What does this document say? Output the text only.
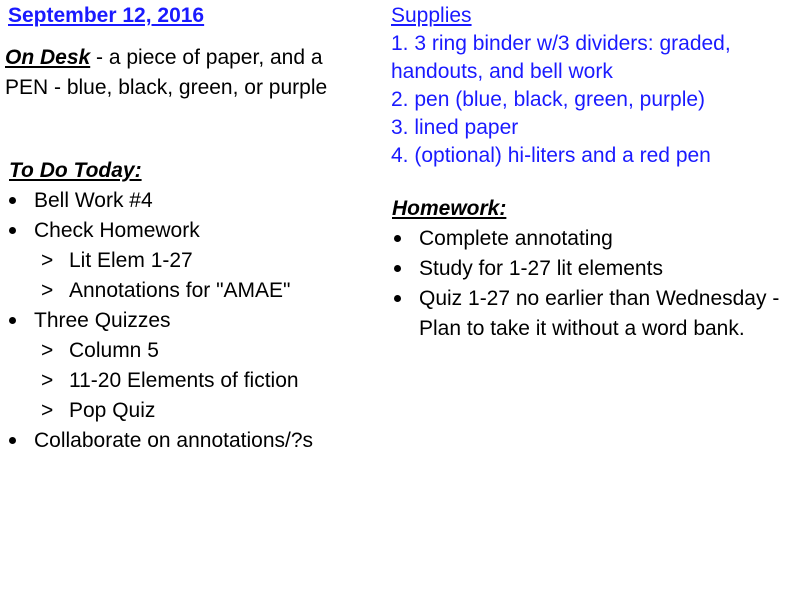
September 12, 2016
On Desk - a piece of paper, and a PEN - blue, black, green, or purple
To Do Today:
Bell Work #4
Check Homework
> Lit Elem 1-27
> Annotations for "AMAE"
Three Quizzes
> Column 5
> 11-20 Elements of fiction
> Pop Quiz
Collaborate on annotations/?s
Supplies
1. 3 ring binder w/3 dividers: graded,
handouts, and bell work
2. pen (blue, black, green, purple)
3. lined paper
4. (optional) hi-liters and a red pen
Homework:
Complete annotating
Study for 1-27 lit elements
Quiz 1-27 no earlier than Wednesday - Plan to take it without a word bank.
